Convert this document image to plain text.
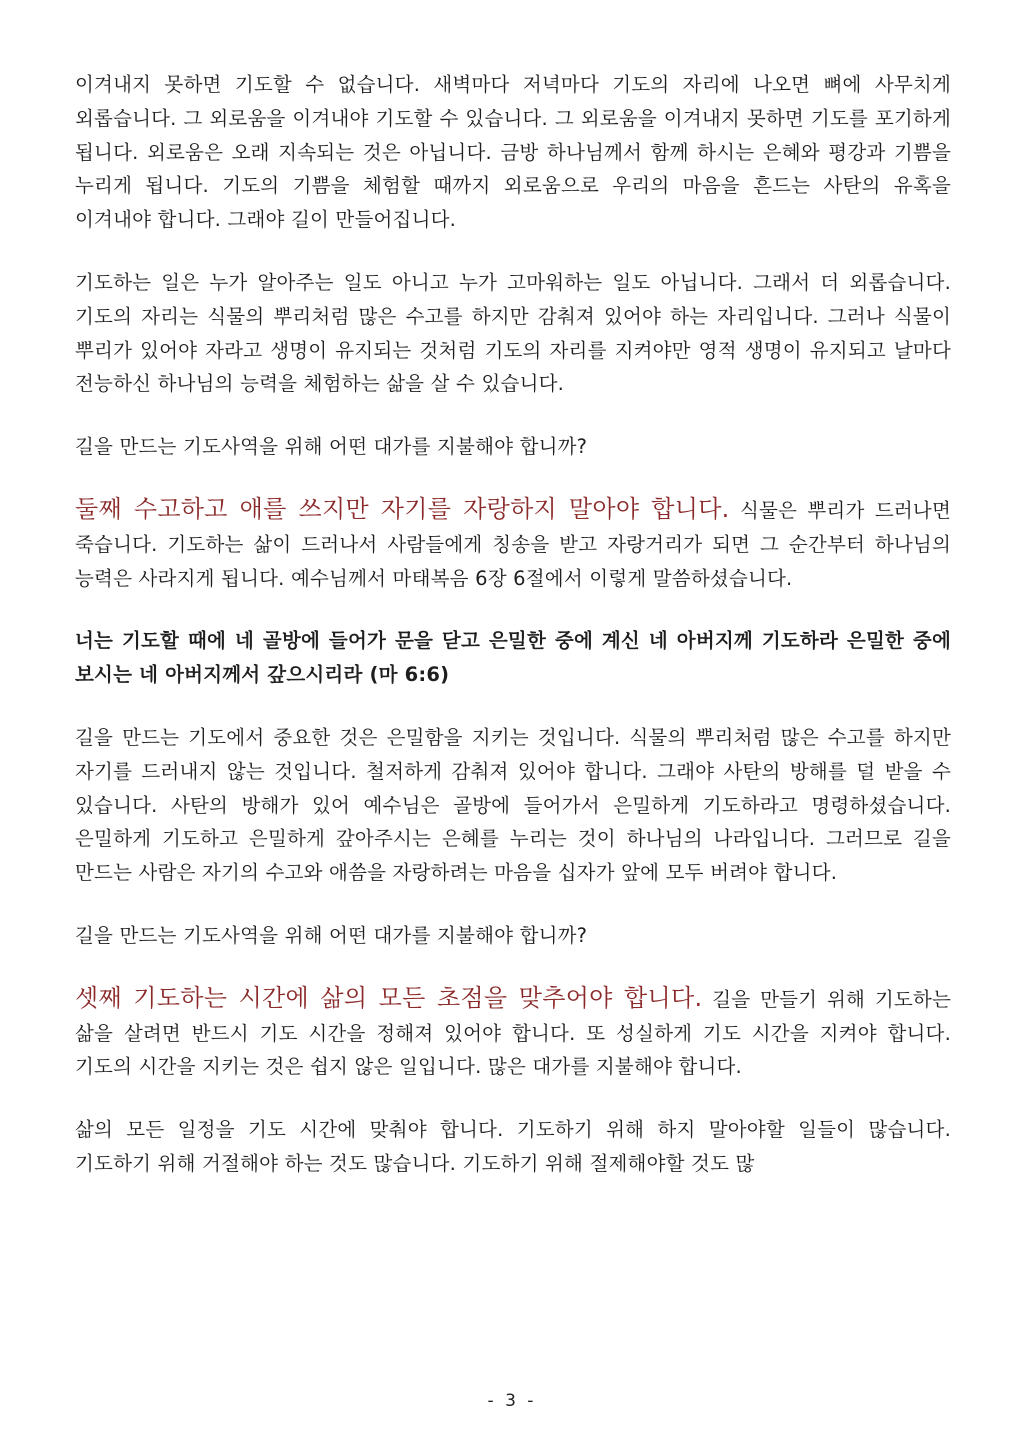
이겨내지 못하면 기도할 수 없습니다. 새벽마다 저녁마다 기도의 자리에 나오면 뼈에 사무치게 외롭습니다. 그 외로움을 이겨내야 기도할 수 있습니다. 그 외로움을 이겨내지 못하면 기도를 포기하게 됩니다. 외로움은 오래 지속되는 것은 아닙니다. 금방 하나님께서 함께 하시는 은혜와 평강과 기쁨을 누리게 됩니다. 기도의 기쁨을 체험할 때까지 외로움으로 우리의 마음을 흔드는 사탄의 유혹을 이겨내야 합니다. 그래야 길이 만들어집니다.

기도하는 일은 누가 알아주는 일도 아니고 누가 고마워하는 일도 아닙니다. 그래서 더 외롭습니다. 기도의 자리는 식물의 뿌리처럼 많은 수고를 하지만 감춰져 있어야 하는 자리입니다. 그러나 식물이 뿌리가 있어야 자라고 생명이 유지되는 것처럼 기도의 자리를 지켜야만 영적 생명이 유지되고 날마다 전능하신 하나님의 능력을 체험하는 삶을 살 수 있습니다.

길을 만드는 기도사역을 위해 어떤 대가를 지불해야 합니까?

둘째 수고하고 애를 쓰지만 자기를 자랑하지 말아야 합니다. 식물은 뿌리가 드러나면 죽습니다. 기도하는 삶이 드러나서 사람들에게 칭송을 받고 자랑거리가 되면 그 순간부터 하나님의 능력은 사라지게 됩니다. 예수님께서 마태복음 6장 6절에서 이렇게 말씀하셨습니다.

너는 기도할 때에 네 골방에 들어가 문을 닫고 은밀한 중에 계신 네 아버지께 기도하라 은밀한 중에 보시는 네 아버지께서 갚으시리라 (마 6:6)

길을 만드는 기도에서 중요한 것은 은밀함을 지키는 것입니다. 식물의 뿌리처럼 많은 수고를 하지만 자기를 드러내지 않는 것입니다. 철저하게 감춰져 있어야 합니다. 그래야 사탄의 방해를 덜 받을 수 있습니다. 사탄의 방해가 있어 예수님은 골방에 들어가서 은밀하게 기도하라고 명령하셨습니다. 은밀하게 기도하고 은밀하게 갚아주시는 은혜를 누리는 것이 하나님의 나라입니다. 그러므로 길을 만드는 사람은 자기의 수고와 애씀을 자랑하려는 마음을 십자가 앞에 모두 버려야 합니다.

길을 만드는 기도사역을 위해 어떤 대가를 지불해야 합니까?

셋째 기도하는 시간에 삶의 모든 초점을 맞추어야 합니다. 길을 만들기 위해 기도하는 삶을 살려면 반드시 기도 시간을 정해져 있어야 합니다. 또 성실하게 기도 시간을 지켜야 합니다. 기도의 시간을 지키는 것은 쉽지 않은 일입니다. 많은 대가를 지불해야 합니다.

삶의 모든 일정을 기도 시간에 맞춰야 합니다. 기도하기 위해 하지 말아야할 일들이 많습니다. 기도하기 위해 거절해야 하는 것도 많습니다. 기도하기 위해 절제해야할 것도 많

- 3 -
